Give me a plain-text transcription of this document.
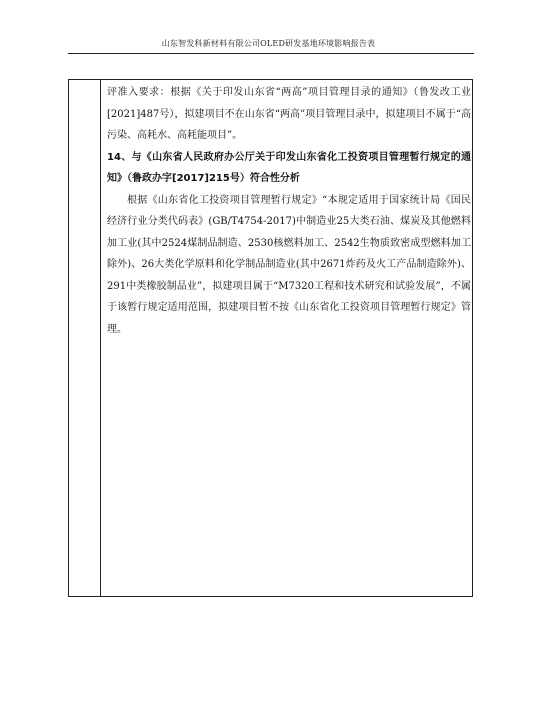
山东智发科新材料有限公司OLED研发基地环境影响报告表

评准入要求：根据《关于印发山东省“两高”项目管理目录的通知》（鲁发改工业[2021]487号），拟建项目不在山东省“两高”项目管理目录中，拟建项目不属于“高污染、高耗水、高耗能项目”。

14、与《山东省人民政府办公厅关于印发山东省化工投资项目管理暂行规定的通知》（鲁政办字[2017]215号）符合性分析

根据《山东省化工投资项目管理暂行规定》“本规定适用于国家统计局《国民经济行业分类代码表》(GB/T4754-2017)中制造业25大类石油、煤炭及其他燃料加工业(其中2524煤制品制造、2530核燃料加工、2542生物质致密成型燃料加工除外)、26大类化学原料和化学制品制造业(其中2671炸药及火工产品制造除外)、291中类橡胶制品业”，拟建项目属于“M7320工程和技术研究和试验发展”，不属于该暂行规定适用范围，拟建项目暂不按《山东省化工投资项目管理暂行规定》管理。
